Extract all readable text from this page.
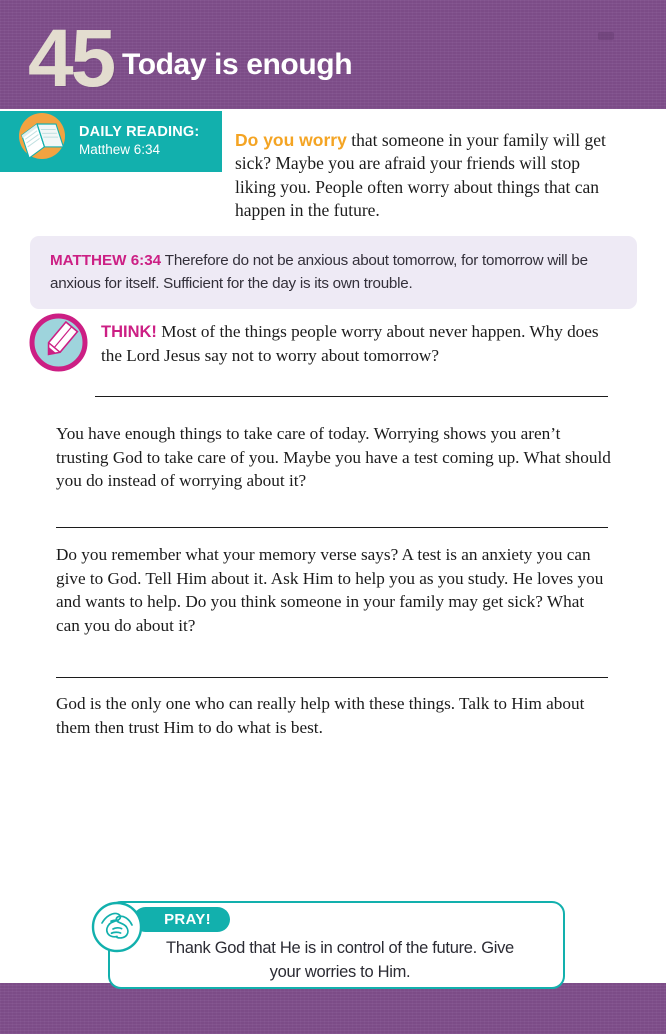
45 Today is enough
DAILY READING:
Matthew 6:34	Do you worry that someone in your family will get sick? Maybe you are afraid your friends will stop liking you. People often worry about things that can happen in the future.

MATTHEW 6:34 Therefore do not be anxious about tomorrow, for tomorrow will be anxious for itself. Sufficient for the day is its own trouble.

THINK! Most of the things people worry about never happen. Why does the Lord Jesus say not to worry about tomorrow?

You have enough things to take care of today. Worrying shows you aren’t trusting God to take care of you. Maybe you have a test coming up. What should you do instead of worrying about it?

Do you remember what your memory verse says? A test is an anxiety you can give to God. Tell Him about it. Ask Him to help you as you study. He loves you and wants to help. Do you think someone in your family may get sick? What can you do about it?

God is the only one who can really help with these things. Talk to Him about them then trust Him to do what is best.

PRAY!
Thank God that He is in control of the future. Give your worries to Him.
